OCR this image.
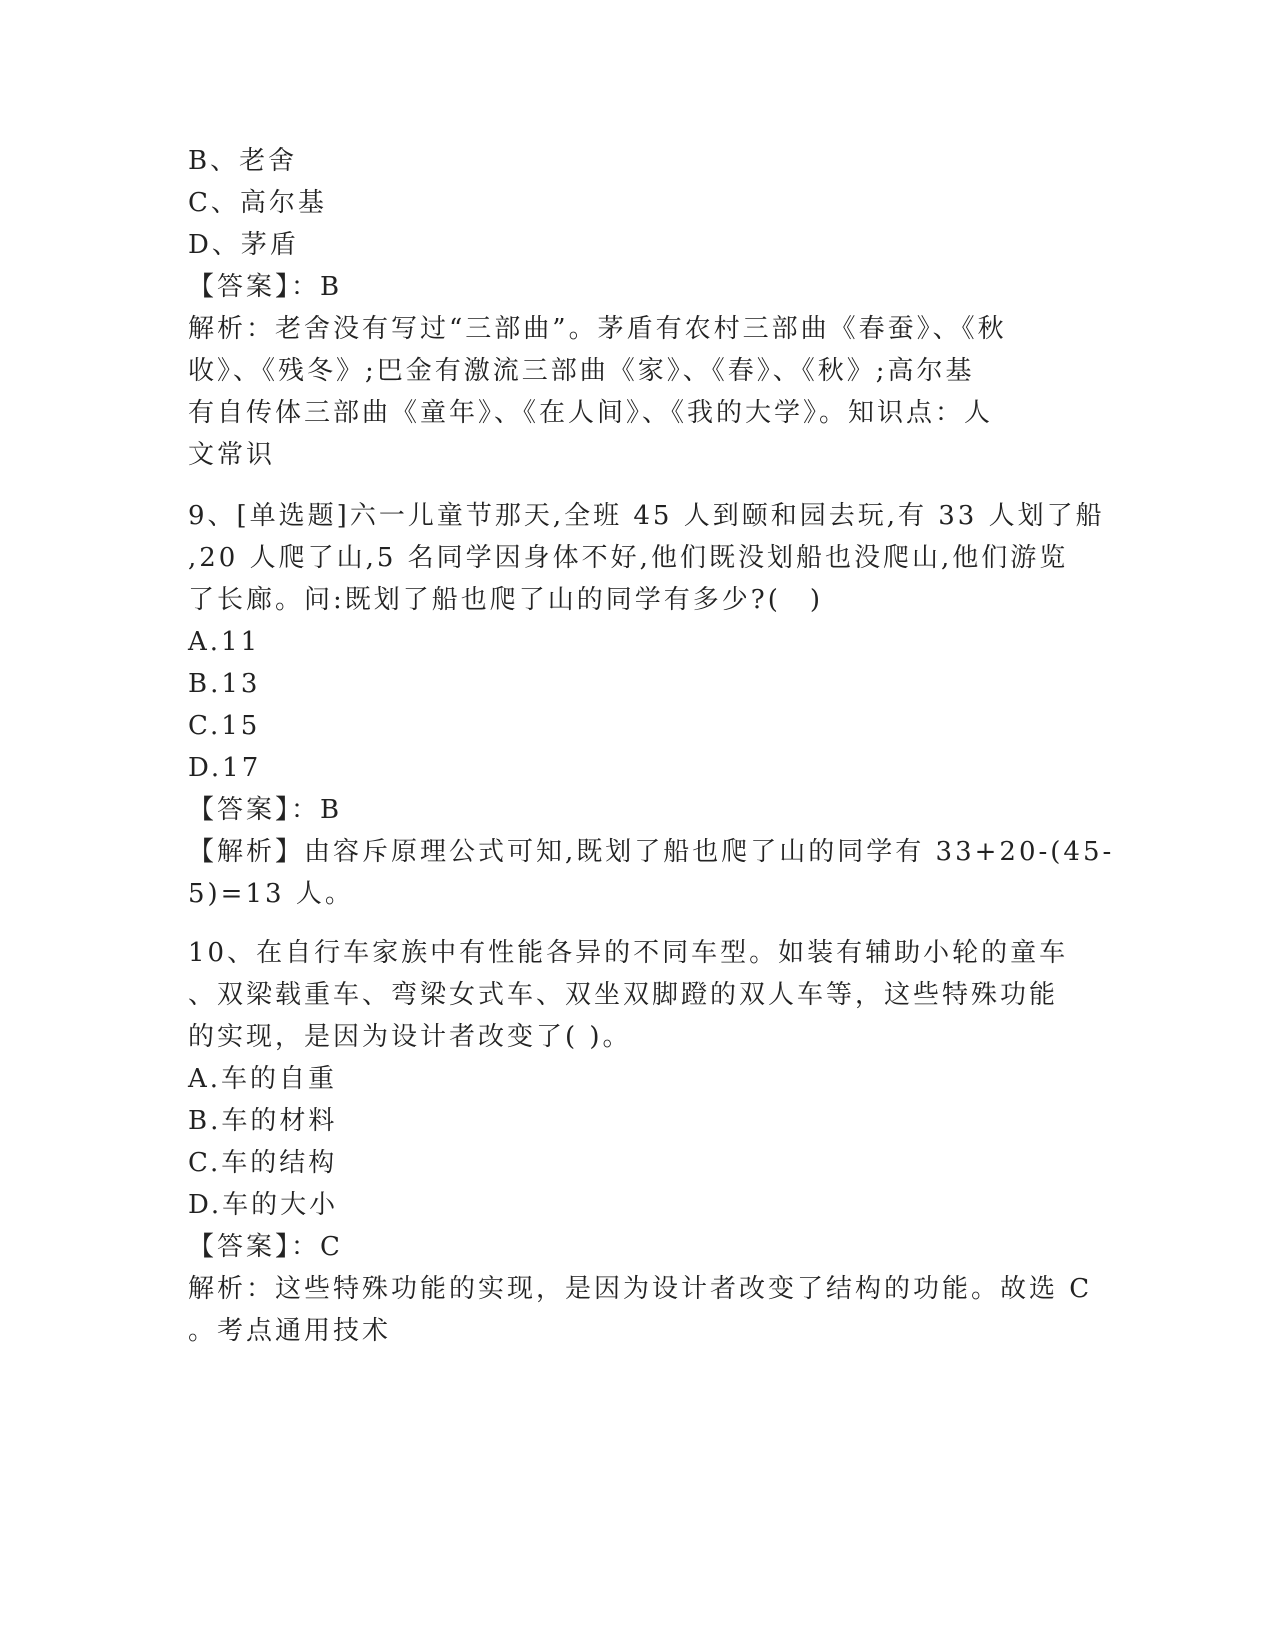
B、老舍
C、高尔基
D、茅盾
【答案】：B
解析：老舍没有写过“三部曲”。茅盾有农村三部曲《春蚕》、《秋
收》、《残冬》;巴金有激流三部曲《家》、《春》、《秋》;高尔基
有自传体三部曲《童年》、《在人间》、《我的大学》。知识点：人
文常识
9、[单选题]六一儿童节那天,全班 45 人到颐和园去玩,有 33 人划了船
,20 人爬了山,5 名同学因身体不好,他们既没划船也没爬山,他们游览
了长廊。问:既划了船也爬了山的同学有多少?(　)
A.11
B.13
C.15
D.17
【答案】：B
【解析】由容斥原理公式可知,既划了船也爬了山的同学有 33+20-(45-
5)=13 人。
10、在自行车家族中有性能各异的不同车型。如装有辅助小轮的童车
、双梁载重车、弯梁女式车、双坐双脚蹬的双人车等，这些特殊功能
的实现，是因为设计者改变了( )。
A.车的自重
B.车的材料
C.车的结构
D.车的大小
【答案】：C
解析：这些特殊功能的实现，是因为设计者改变了结构的功能。故选 C
。考点通用技术
